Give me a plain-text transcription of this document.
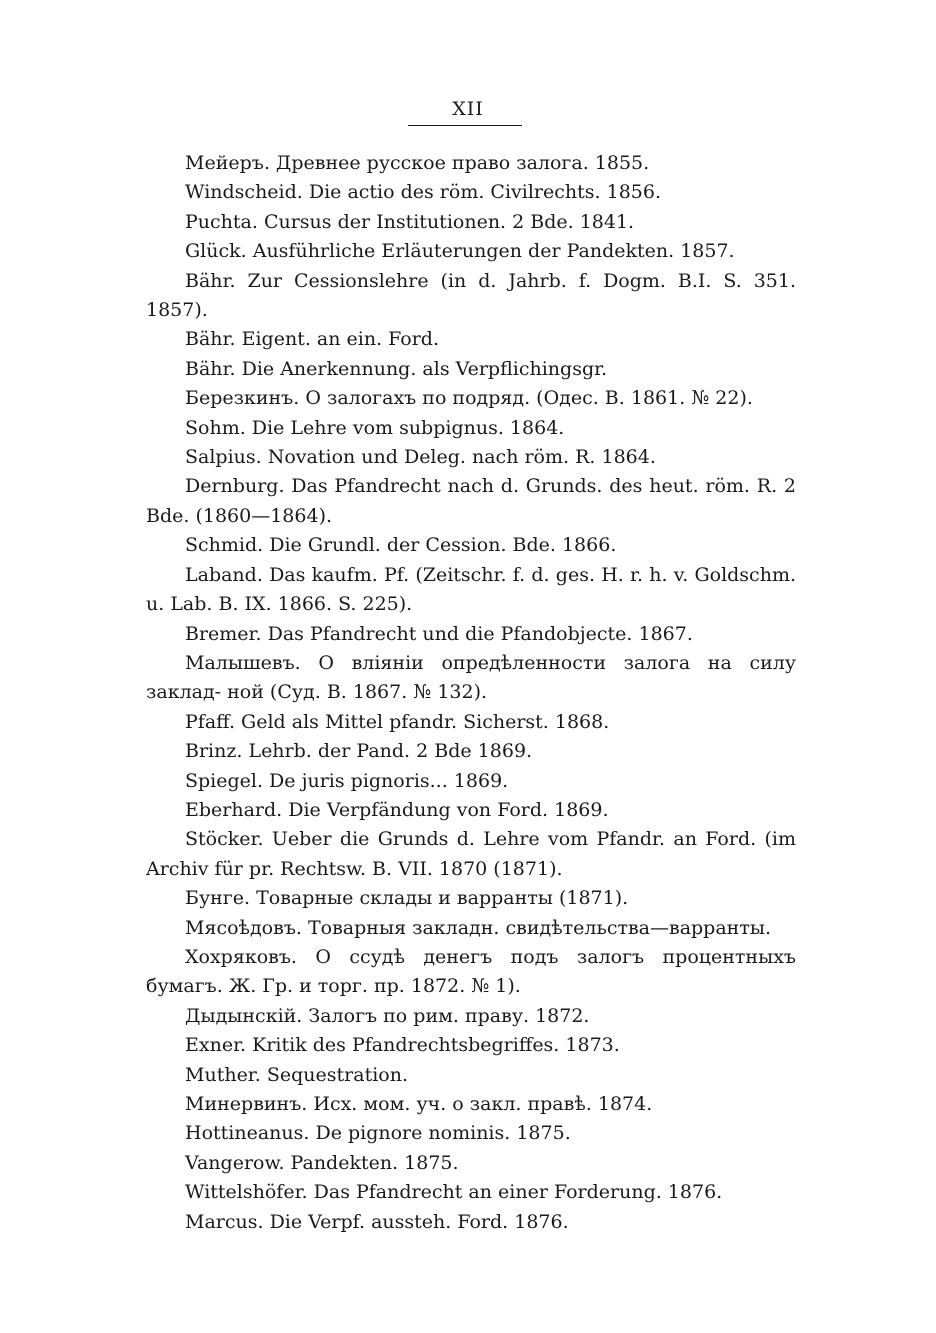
XII
Мейеръ. Древнее русское право залога. 1855.
Windscheid. Die actio des röm. Civilrechts. 1856.
Puchta. Cursus der Institutionen. 2 Bde. 1841.
Glück. Ausführliche Erläuterungen der Pandekten. 1857.
Bähr. Zur Cessionslehre (in d. Jahrb. f. Dogm. B.I. S. 351. 1857).
Bähr. Eigent. an ein. Ford.
Bähr. Die Anerkennung. als Verpflichingsgr.
Березкинъ. О залогахъ по подряд. (Одес. В. 1861. № 22).
Sohm. Die Lehre vom subpignus. 1864.
Salpius. Novation und Deleg. nach röm. R. 1864.
Dernburg. Das Pfandrecht nach d. Grunds. des heut. röm. R. 2 Bde. (1860—1864).
Schmid. Die Grundl. der Cession. Bde. 1866.
Laband. Das kaufm. Pf. (Zeitschr. f. d. ges. H. r. h. v. Goldschm. u. Lab. B. IX. 1866. S. 225).
Bremer. Das Pfandrecht und die Pfandobjecte. 1867.
Малышевъ. О вліяніи опредѣленности залога на силу заклад- ной (Суд. В. 1867. № 132).
Pfaff. Geld als Mittel pfandr. Sicherst. 1868.
Brinz. Lehrb. der Pand. 2 Bde 1869.
Spiegel. De juris pignoris... 1869.
Eberhard. Die Verpfändung von Ford. 1869.
Stöcker. Ueber die Grunds d. Lehre vom Pfandr. an Ford. (im Archiv für pr. Rechtsw. B. VII. 1870 (1871).
Бунге. Товарные склады и варранты (1871).
Мясоѣдовъ. Товарныя закладн. свидѣтельства—варранты.
Хохряковъ. О ссудѣ денегъ подъ залогъ процентныхъ бумагъ. Ж. Гр. и торг. пр. 1872. № 1).
Дыдынскій. Залогъ по рим. праву. 1872.
Exner. Kritik des Pfandrechtsbegriffes. 1873.
Muther. Sequestration.
Минервинъ. Исх. мом. уч. о закл. правѣ. 1874.
Hottineanus. De pignore nominis. 1875.
Vangerow. Pandekten. 1875.
Wittelshöfer. Das Pfandrecht an einer Forderung. 1876.
Marcus. Die Verpf. aussteh. Ford. 1876.
